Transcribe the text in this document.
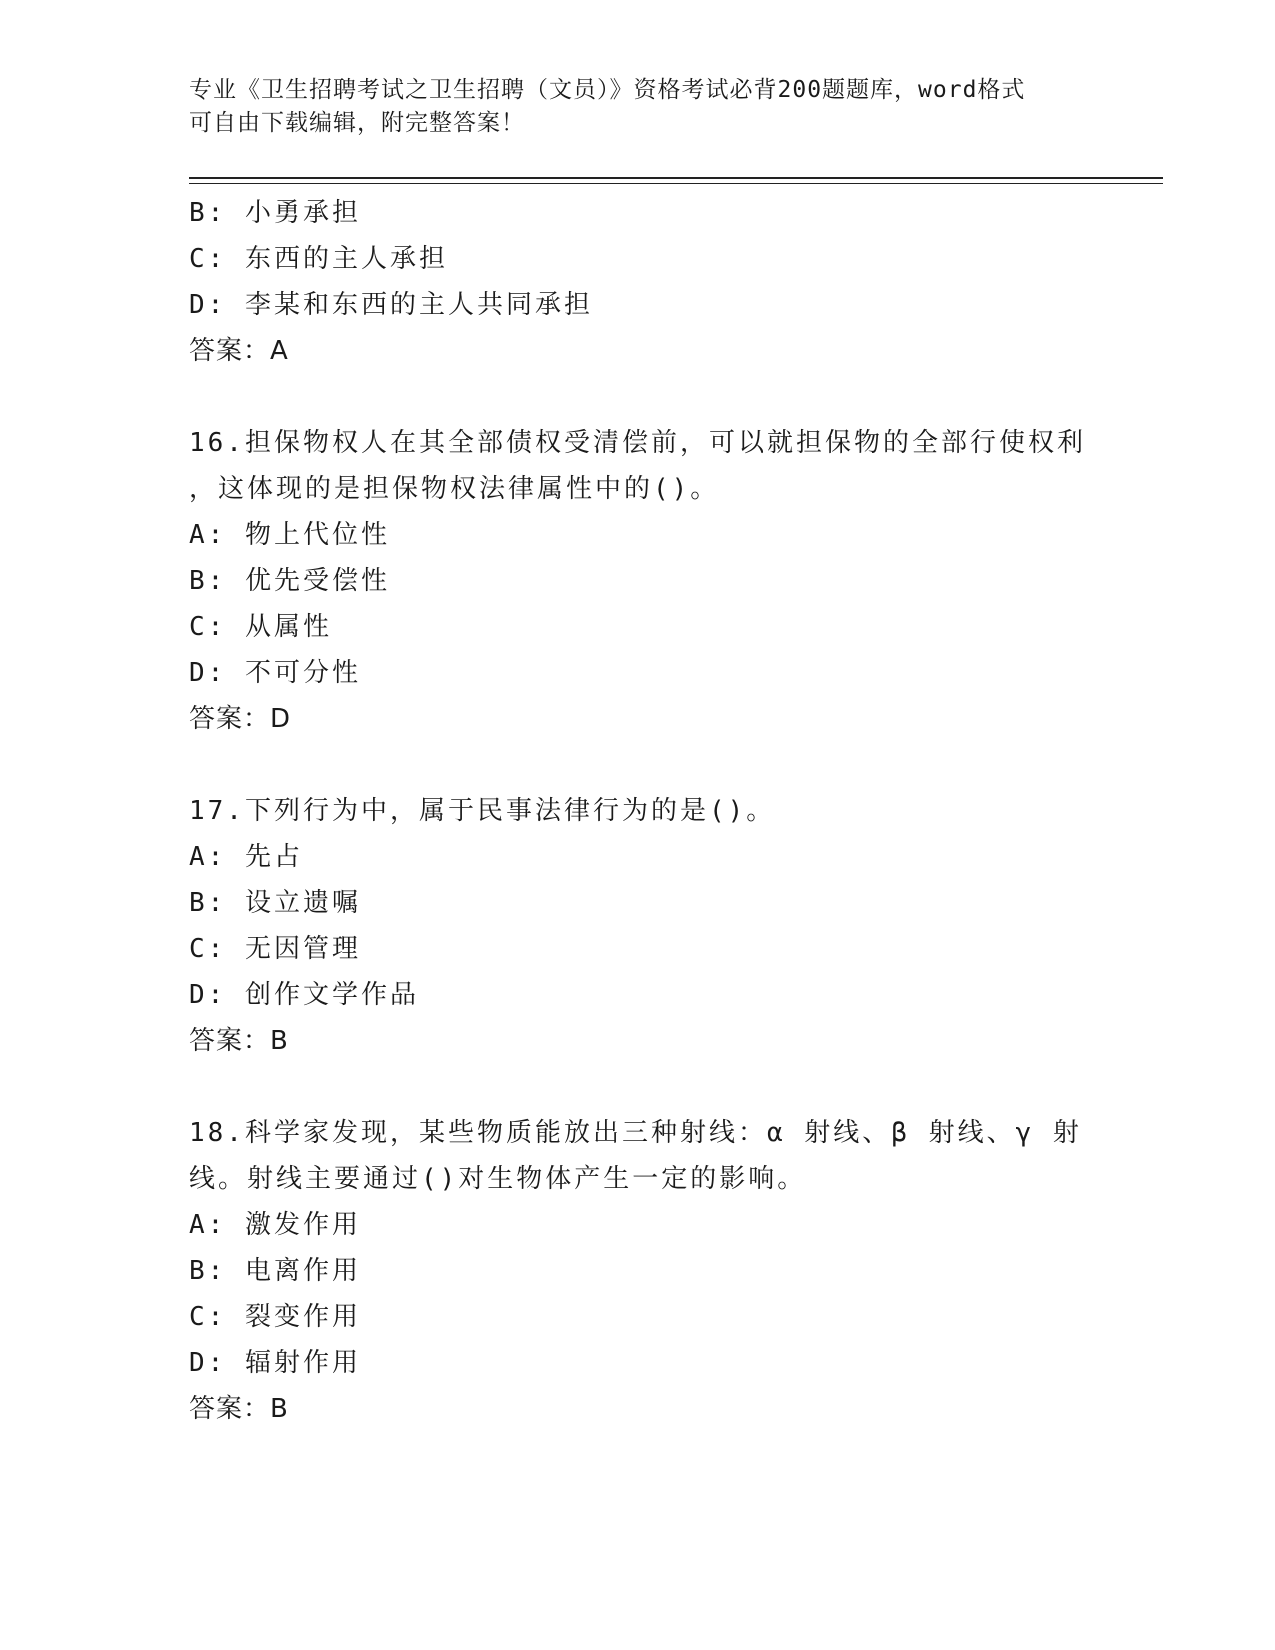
专业《卫生招聘考试之卫生招聘（文员）》资格考试必背200题题库，word格式
可自由下载编辑，附完整答案！
B: 小勇承担
C: 东西的主人承担
D: 李某和东西的主人共同承担
答案：A
16.担保物权人在其全部债权受清偿前，可以就担保物的全部行使权利
，这体现的是担保物权法律属性中的()。
A: 物上代位性
B: 优先受偿性
C: 从属性
D: 不可分性
答案：D
17.下列行为中，属于民事法律行为的是()。
A: 先占
B: 设立遗嘱
C: 无因管理
D: 创作文学作品
答案：B
18.科学家发现，某些物质能放出三种射线：α 射线、β 射线、γ 射
线。射线主要通过()对生物体产生一定的影响。
A: 激发作用
B: 电离作用
C: 裂变作用
D: 辐射作用
答案：B
